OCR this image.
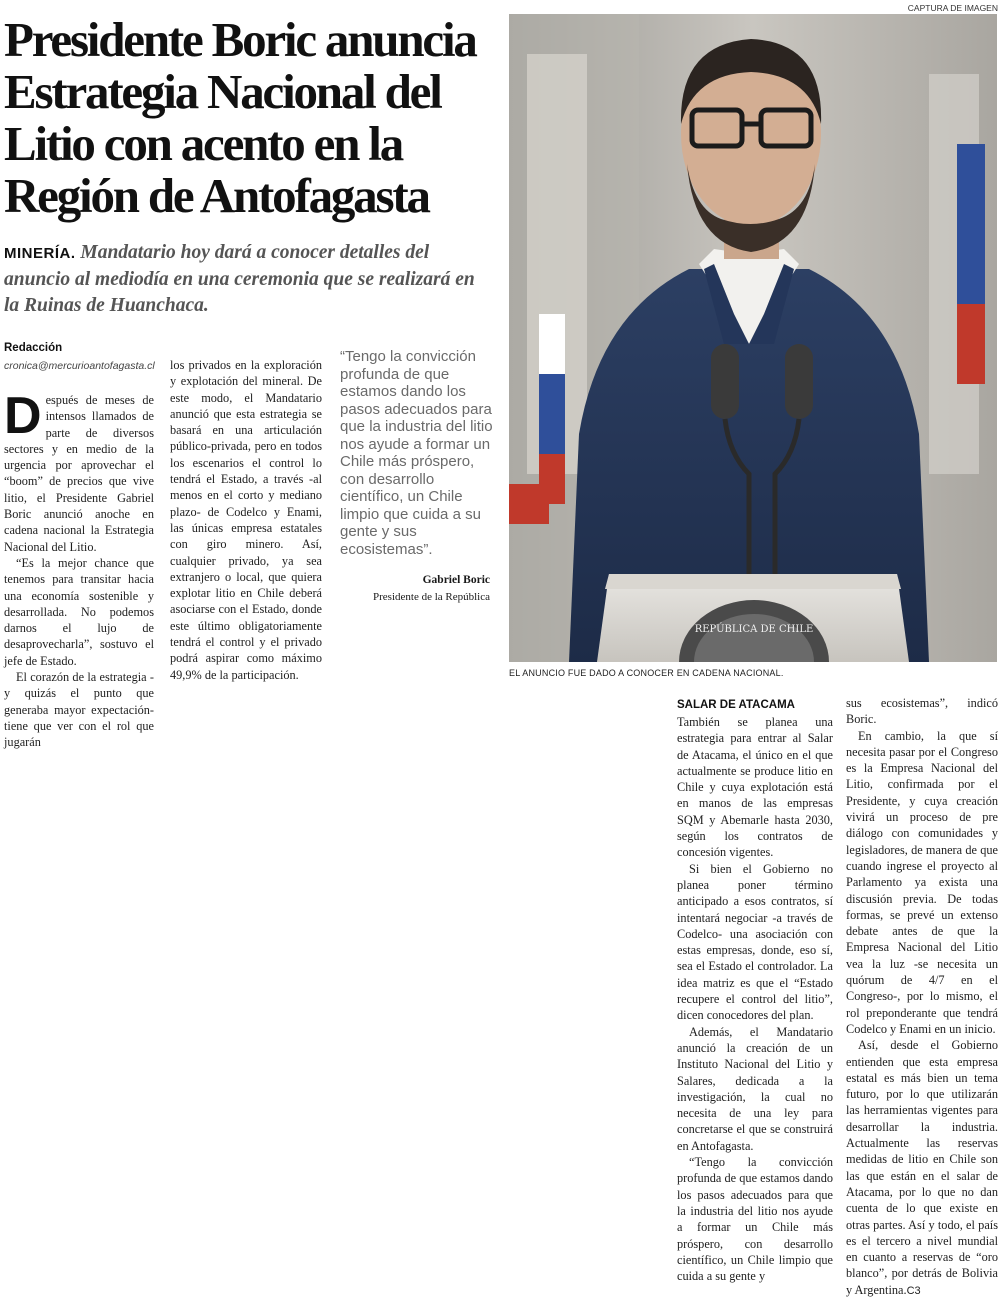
Presidente Boric anuncia Estrategia Nacional del Litio con acento en la Región de Antofagasta

MINERÍA. Mandatario hoy dará a conocer detalles del anuncio al mediodía en una ceremonia que se realizará en la Ruinas de Huanchaca.

Redacción
cronica@mercurioantofagasta.cl

Después de meses de intensos llamados de parte de diversos sectores y en medio de la urgencia por aprovechar el “boom” de precios que vive litio, el Presidente Gabriel Boric anunció anoche en cadena nacional la Estrategia Nacional del Litio.

“Es la mejor chance que tenemos para transitar hacia una economía sostenible y desarrollada. No podemos darnos el lujo de desaprovecharla”, sostuvo el jefe de Estado.

El corazón de la estrategia -y quizás el punto que generaba mayor expectación- tiene que ver con el rol que jugarán

los privados en la exploración y explotación del mineral. De este modo, el Mandatario anunció que esta estrategia se basará en una articulación público-privada, pero en todos los escenarios el control lo tendrá el Estado, a través -al menos en el corto y mediano plazo- de Codelco y Enami, las únicas empresa estatales con giro minero. Así, cualquier privado, ya sea extranjero o local, que quiera explotar litio en Chile deberá asociarse con el Estado, donde este último obligatoriamente tendrá el control y el privado podrá aspirar como máximo 49,9% de la participación.

“Tengo la convicción profunda de que estamos dando los pasos adecuados para que la industria del litio nos ayude a formar un Chile más próspero, con desarrollo científico, un Chile limpio que cuida a su gente y sus ecosistemas”.

Gabriel Boric
Presidente de la República
CAPTURA DE IMAGEN
REPÚBLICA DE CHILE
EL ANUNCIO FUE DADO A CONOCER EN CADENA NACIONAL.
SALAR DE ATACAMA

También se planea una estrategia para entrar al Salar de Atacama, el único en el que actualmente se produce litio en Chile y cuya explotación está en manos de las empresas SQM y Abemarle hasta 2030, según los contratos de concesión vigentes.

Si bien el Gobierno no planea poner término anticipado a esos contratos, sí intentará negociar -a través de Codelco- una asociación con estas empresas, donde, eso sí, sea el Estado el controlador. La idea matriz es que el “Estado recupere el control del litio”, dicen conocedores del plan.

Además, el Mandatario anunció la creación de un Instituto Nacional del Litio y Salares, dedicada a la investigación, la cual no necesita de una ley para concretarse el que se construirá en Antofagasta.

“Tengo la convicción profunda de que estamos dando los pasos adecuados para que la industria del litio nos ayude a formar un Chile más próspero, con desarrollo científico, un Chile limpio que cuida a su gente y

sus ecosistemas”, indicó Boric.

En cambio, la que sí necesita pasar por el Congreso es la Empresa Nacional del Litio, confirmada por el Presidente, y cuya creación vivirá un proceso de pre diálogo con comunidades y legisladores, de manera de que cuando ingrese el proyecto al Parlamento ya exista una discusión previa. De todas formas, se prevé un extenso debate antes de que la Empresa Nacional del Litio vea la luz -se necesita un quórum de 4/7 en el Congreso-, por lo mismo, el rol preponderante que tendrá Codelco y Enami en un inicio.

Así, desde el Gobierno entienden que esta empresa estatal es más bien un tema futuro, por lo que utilizarán las herramientas vigentes para desarrollar la industria. Actualmente las reservas medidas de litio en Chile son las que están en el salar de Atacama, por lo que no dan cuenta de lo que existe en otras partes. Así y todo, el país es el tercero a nivel mundial en cuanto a reservas de “oro blanco”, por detrás de Bolivia y Argentina.C3
